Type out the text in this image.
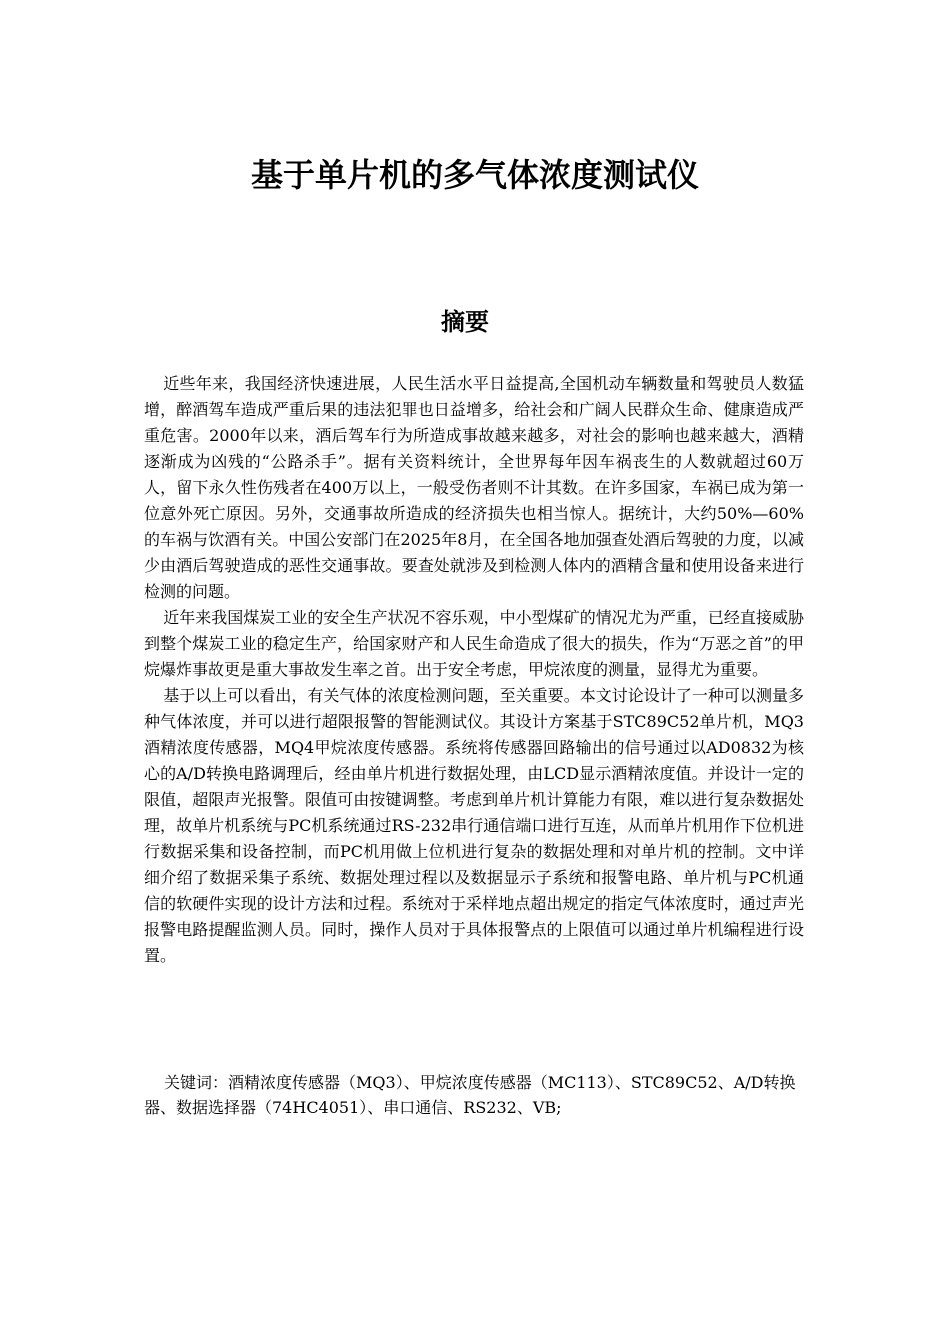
基于单片机的多气体浓度测试仪
摘要

近些年来，我国经济快速进展，人民生活水平日益提高,全国机动车辆数量和驾驶员人数猛增，醉酒驾车造成严重后果的违法犯罪也日益增多，给社会和广阔人民群众生命、健康造成严重危害。2000年以来，酒后驾车行为所造成事故越来越多，对社会的影响也越来越大，酒精逐渐成为凶残的“公路杀手”。据有关资料统计，全世界每年因车祸丧生的人数就超过60万人，留下永久性伤残者在400万以上，一般受伤者则不计其数。在许多国家，车祸已成为第一位意外死亡原因。另外，交通事故所造成的经济损失也相当惊人。据统计，大约50%—60%的车祸与饮酒有关。中国公安部门在2025年8月，在全国各地加强查处酒后驾驶的力度，以减少由酒后驾驶造成的恶性交通事故。要查处就涉及到检测人体内的酒精含量和使用设备来进行检测的问题。

近年来我国煤炭工业的安全生产状况不容乐观，中小型煤矿的情况尤为严重，已经直接威胁到整个煤炭工业的稳定生产，给国家财产和人民生命造成了很大的损失，作为“万恶之首”的甲烷爆炸事故更是重大事故发生率之首。出于安全考虑，甲烷浓度的测量，显得尤为重要。

基于以上可以看出，有关气体的浓度检测问题，至关重要。本文讨论设计了一种可以测量多种气体浓度，并可以进行超限报警的智能测试仪。其设计方案基于STC89C52单片机，MQ3酒精浓度传感器，MQ4甲烷浓度传感器。系统将传感器回路输出的信号通过以AD0832为核心的A/D转换电路调理后，经由单片机进行数据处理，由LCD显示酒精浓度值。并设计一定的限值，超限声光报警。限值可由按键调整。考虑到单片机计算能力有限，难以进行复杂数据处理，故单片机系统与PC机系统通过RS-232串行通信端口进行互连，从而单片机用作下位机进行数据采集和设备控制，而PC机用做上位机进行复杂的数据处理和对单片机的控制。文中详细介绍了数据采集子系统、数据处理过程以及数据显示子系统和报警电路、单片机与PC机通信的软硬件实现的设计方法和过程。系统对于采样地点超出规定的指定气体浓度时，通过声光报警电路提醒监测人员。同时，操作人员对于具体报警点的上限值可以通过单片机编程进行设置。

关键词：酒精浓度传感器（MQ3）、甲烷浓度传感器（MC113）、STC89C52、A/D转换器、数据选择器（74HC4051）、串口通信、RS232、VB;
